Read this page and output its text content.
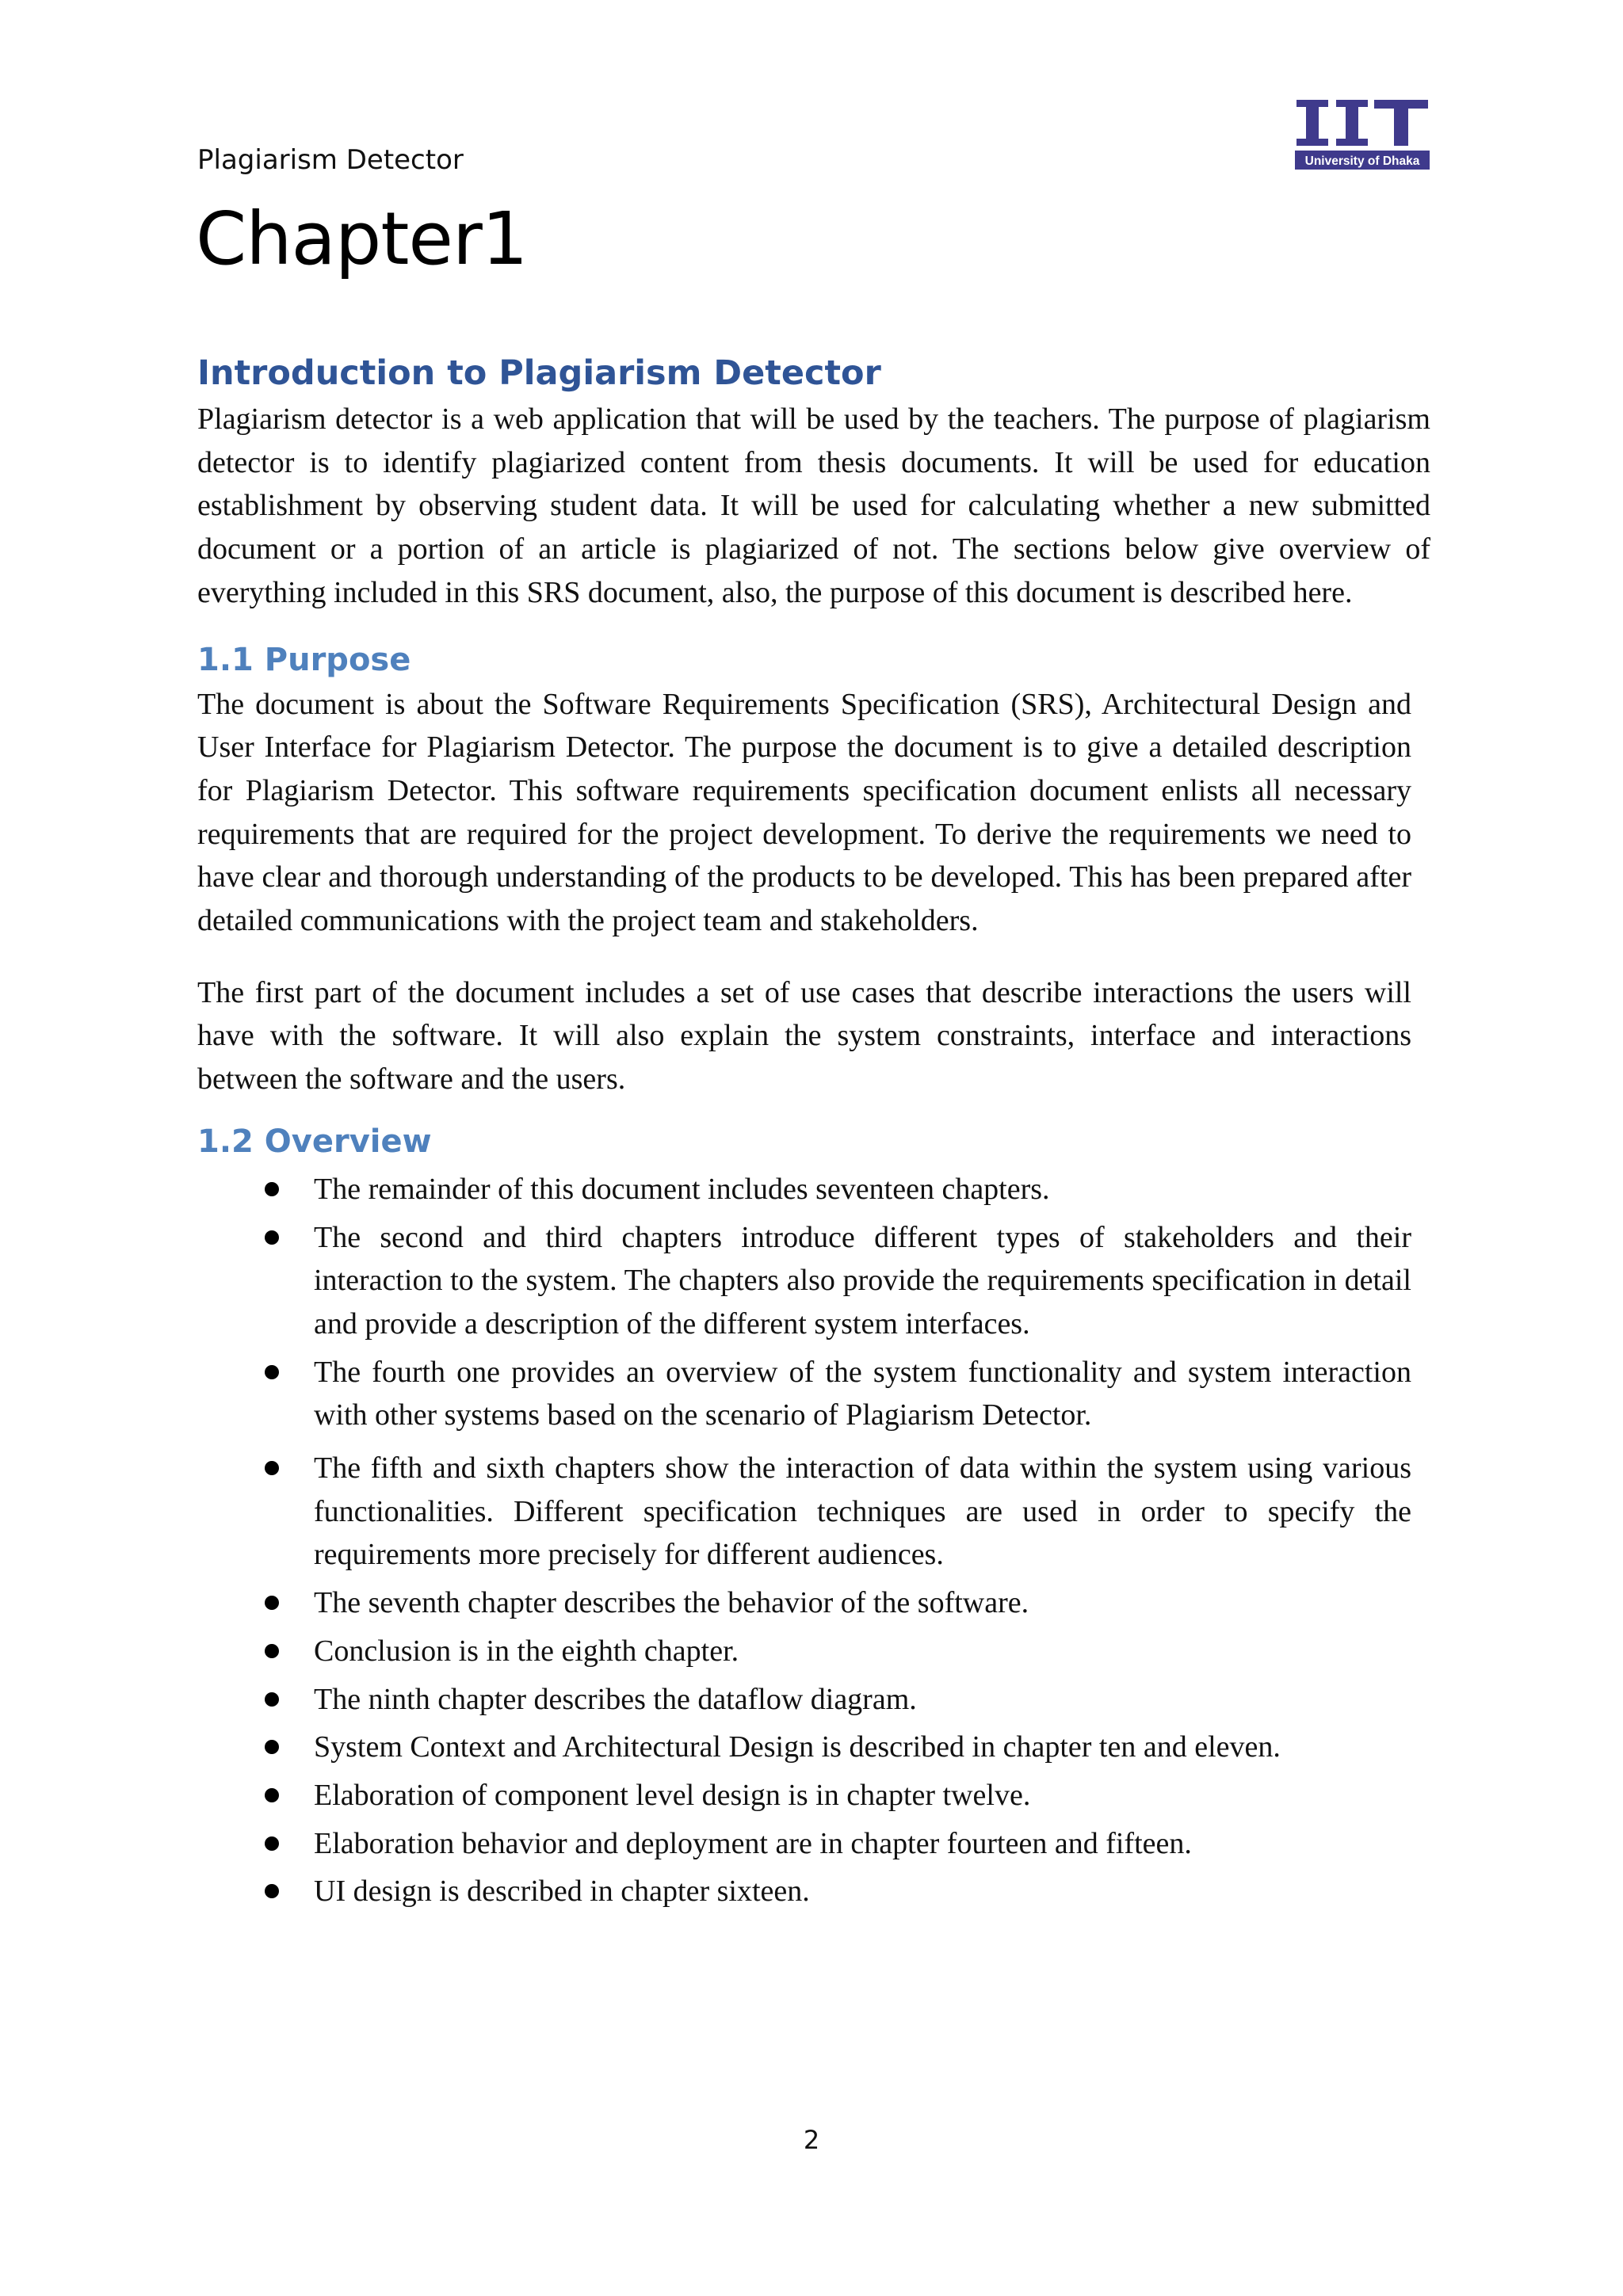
Plagiarism Detector	University of Dhaka
Chapter1
Introduction to Plagiarism Detector

Plagiarism detector is a web application that will be used by the teachers. The purpose of plagiarism detector is to identify plagiarized content from thesis documents. It will be used for education establishment by observing student data. It will be used for calculating whether a new submitted document or a portion of an article is plagiarized of not. The sections below give overview of everything included in this SRS document, also, the purpose of this document is described here.

1.1 Purpose

The document is about the Software Requirements Specification (SRS), Architectural Design and User Interface for Plagiarism Detector. The purpose the document is to give a detailed description for Plagiarism Detector. This software requirements specification document enlists all necessary requirements that are required for the project development. To derive the requirements we need to have clear and thorough understanding of the products to be developed. This has been prepared after detailed communications with the project team and stakeholders.

The first part of the document includes a set of use cases that describe interactions the users will have with the software. It will also explain the system constraints, interface and interactions between the software and the users.

1.2 Overview
The remainder of this document includes seventeen chapters.
The second and third chapters introduce different types of stakeholders and their interaction to the system. The chapters also provide the requirements specification in detail and provide a description of the different system interfaces.
The fourth one provides an overview of the system functionality and system interaction with other systems based on the scenario of Plagiarism Detector.
The fifth and sixth chapters show the interaction of data within the system using various functionalities. Different specification techniques are used in order to specify the requirements more precisely for different audiences.
The seventh chapter describes the behavior of the software.
Conclusion is in the eighth chapter.
The ninth chapter describes the dataflow diagram.
System Context and Architectural Design is described in chapter ten and eleven.
Elaboration of component level design is in chapter twelve.
Elaboration behavior and deployment are in chapter fourteen and fifteen.
UI design is described in chapter sixteen.
2
